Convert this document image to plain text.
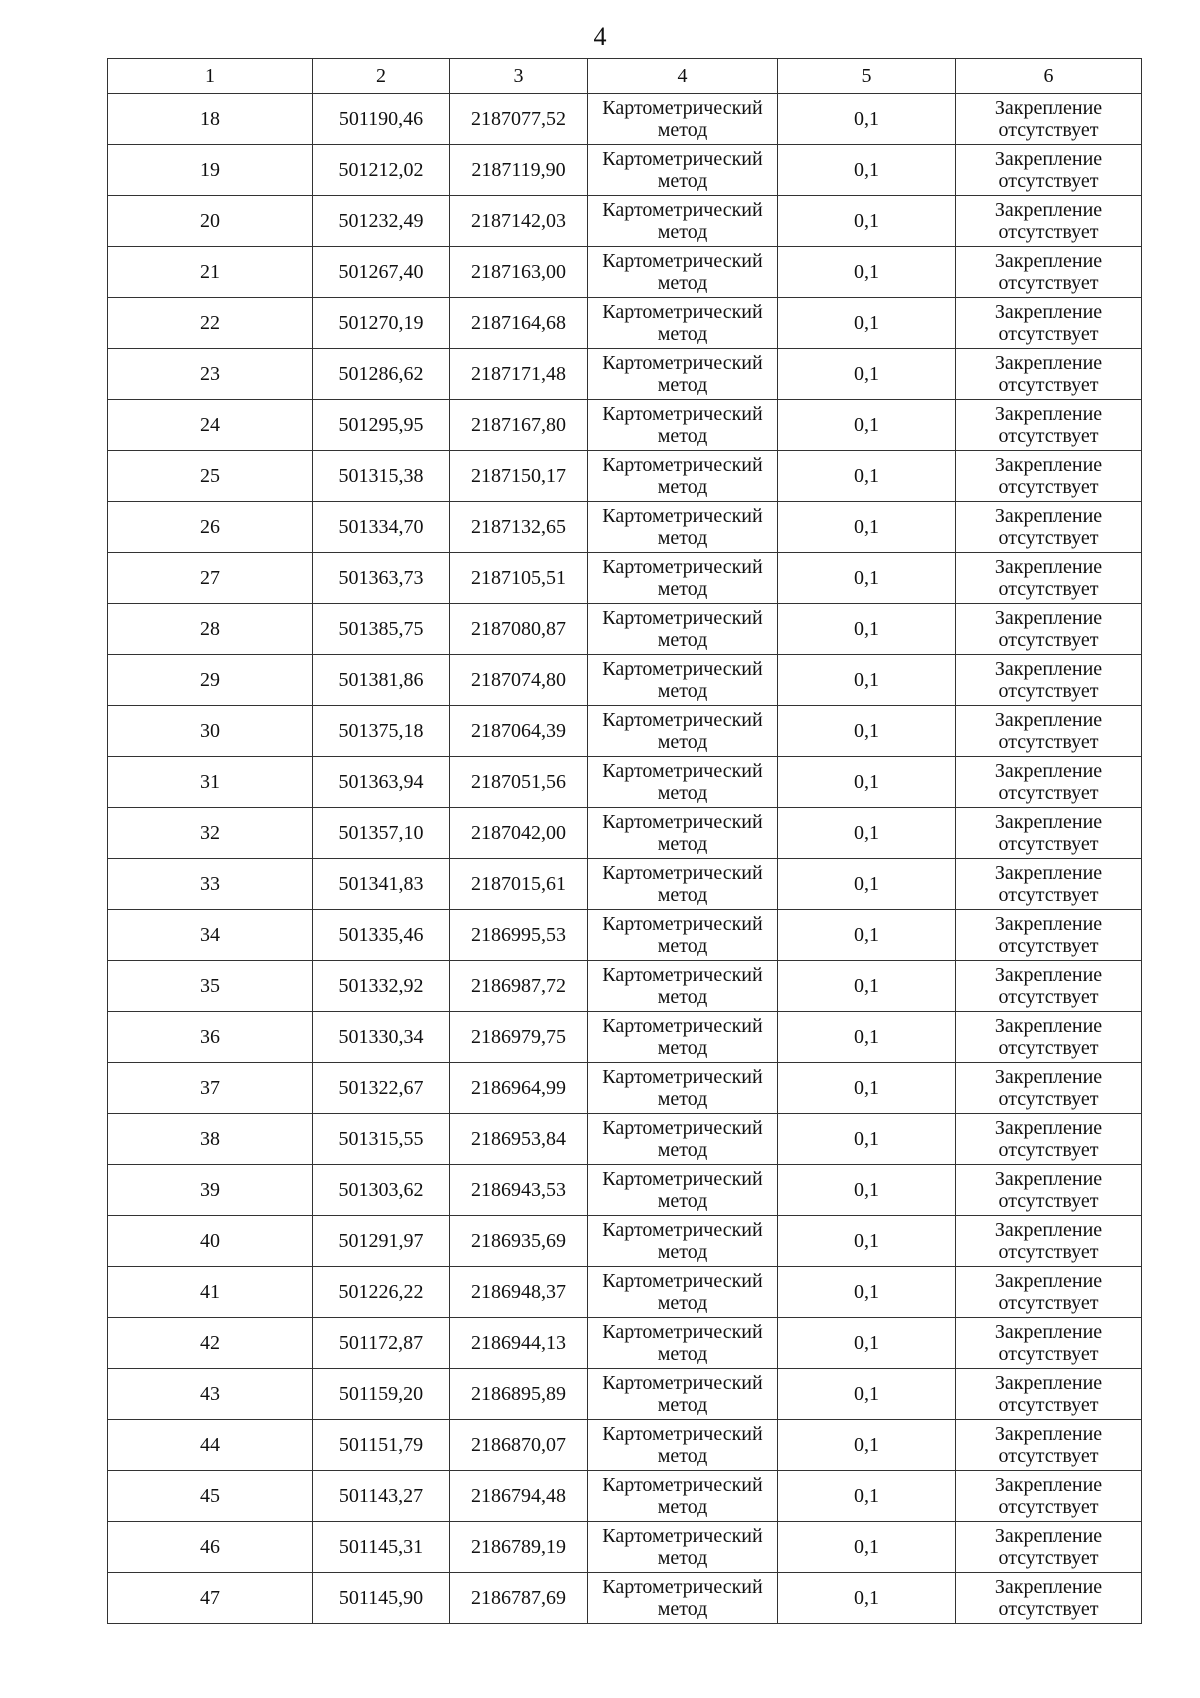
4
1	2	3	4	5	6
18	501190,46	2187077,52	Картометрический метод	0,1	Закрепление отсутствует
19	501212,02	2187119,90	Картометрический метод	0,1	Закрепление отсутствует
20	501232,49	2187142,03	Картометрический метод	0,1	Закрепление отсутствует
21	501267,40	2187163,00	Картометрический метод	0,1	Закрепление отсутствует
22	501270,19	2187164,68	Картометрический метод	0,1	Закрепление отсутствует
23	501286,62	2187171,48	Картометрический метод	0,1	Закрепление отсутствует
24	501295,95	2187167,80	Картометрический метод	0,1	Закрепление отсутствует
25	501315,38	2187150,17	Картометрический метод	0,1	Закрепление отсутствует
26	501334,70	2187132,65	Картометрический метод	0,1	Закрепление отсутствует
27	501363,73	2187105,51	Картометрический метод	0,1	Закрепление отсутствует
28	501385,75	2187080,87	Картометрический метод	0,1	Закрепление отсутствует
29	501381,86	2187074,80	Картометрический метод	0,1	Закрепление отсутствует
30	501375,18	2187064,39	Картометрический метод	0,1	Закрепление отсутствует
31	501363,94	2187051,56	Картометрический метод	0,1	Закрепление отсутствует
32	501357,10	2187042,00	Картометрический метод	0,1	Закрепление отсутствует
33	501341,83	2187015,61	Картометрический метод	0,1	Закрепление отсутствует
34	501335,46	2186995,53	Картометрический метод	0,1	Закрепление отсутствует
35	501332,92	2186987,72	Картометрический метод	0,1	Закрепление отсутствует
36	501330,34	2186979,75	Картометрический метод	0,1	Закрепление отсутствует
37	501322,67	2186964,99	Картометрический метод	0,1	Закрепление отсутствует
38	501315,55	2186953,84	Картометрический метод	0,1	Закрепление отсутствует
39	501303,62	2186943,53	Картометрический метод	0,1	Закрепление отсутствует
40	501291,97	2186935,69	Картометрический метод	0,1	Закрепление отсутствует
41	501226,22	2186948,37	Картометрический метод	0,1	Закрепление отсутствует
42	501172,87	2186944,13	Картометрический метод	0,1	Закрепление отсутствует
43	501159,20	2186895,89	Картометрический метод	0,1	Закрепление отсутствует
44	501151,79	2186870,07	Картометрический метод	0,1	Закрепление отсутствует
45	501143,27	2186794,48	Картометрический метод	0,1	Закрепление отсутствует
46	501145,31	2186789,19	Картометрический метод	0,1	Закрепление отсутствует
47	501145,90	2186787,69	Картометрический метод	0,1	Закрепление отсутствует
